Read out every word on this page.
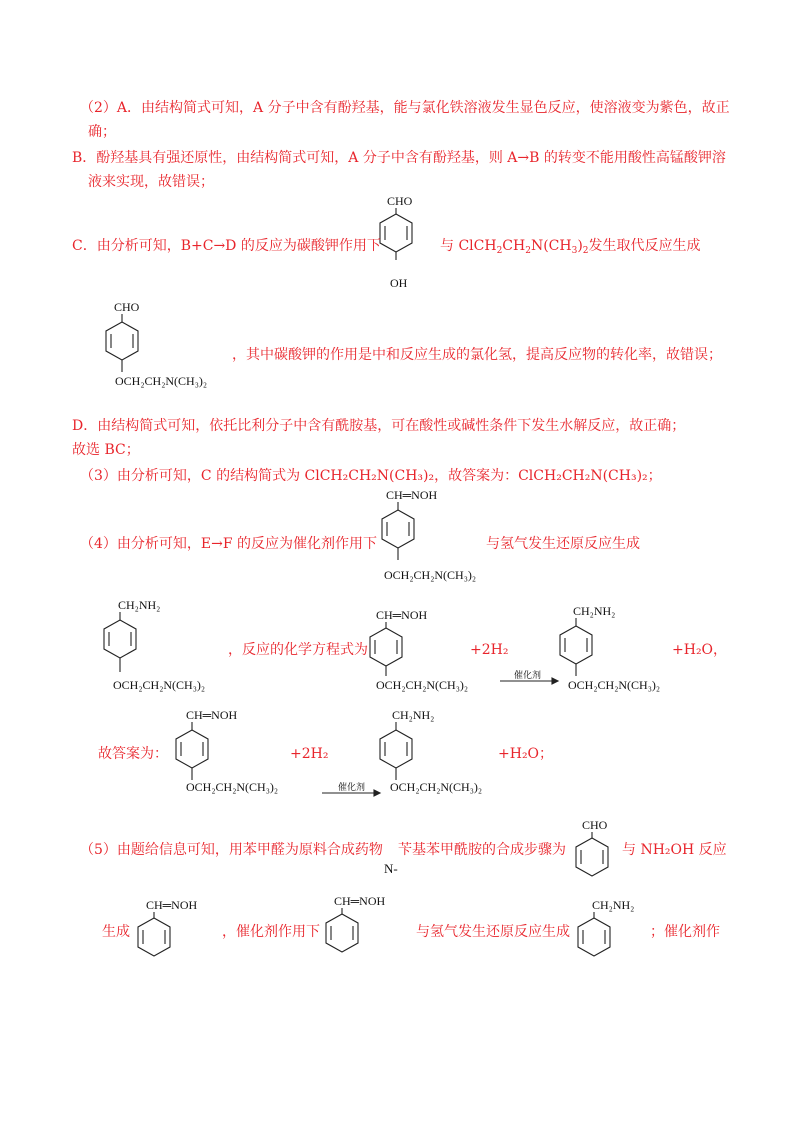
（2）A．由结构简式可知，A 分子中含有酚羟基，能与氯化铁溶液发生显色反应，使溶液变为紫色，故正
确；
B．酚羟基具有强还原性，由结构简式可知，A 分子中含有酚羟基，则 A→B 的转变不能用酸性高锰酸钾溶
液来实现，故错误；
CHO
OH
C．由分析可知，B+C→D 的反应为碳酸钾作用下	与 $ClCH_2CH_2N(CH_3)_2$发生取代反应生成
CHO
OCH₂CH₂N(CH₃)₂
，其中碳酸钾的作用是中和反应生成的氯化氢，提高反应物的转化率，故错误；
D．由结构简式可知，依托比利分子中含有酰胺基，可在酸性或碱性条件下发生水解反应，故正确；
故选 BC；
（3）由分析可知，C 的结构简式为 ClCH₂CH₂N(CH₃)₂，故答案为：ClCH₂CH₂N(CH₃)₂；
CH═NOH
OCH₂CH₂N(CH₃)₂
（4）由分析可知，E→F 的反应为催化剂作用下	与氢气发生还原反应生成
CH₂NH₂
OCH₂CH₂N(CH₃)₂
，反应的化学方程式为
CH═NOH
OCH₂CH₂N(CH₃)₂
+2H₂
催化剂
CH₂NH₂
OCH₂CH₂N(CH₃)₂
+H₂O，
CH═NOH
OCH₂CH₂N(CH₃)₂
故答案为：	+2H₂
催化剂
CH₂NH₂
OCH₂CH₂N(CH₃)₂
+H₂O；
（5）由题给信息可知，用苯甲醛为原料合成药物 苄基苯甲酰胺的合成步骤为
N-
CHO
与 NH₂OH 反应
生成
CH═NOH
，催化剂作用下
CH═NOH
与氢气发生还原反应生成
CH₂NH₂
；催化剂作
